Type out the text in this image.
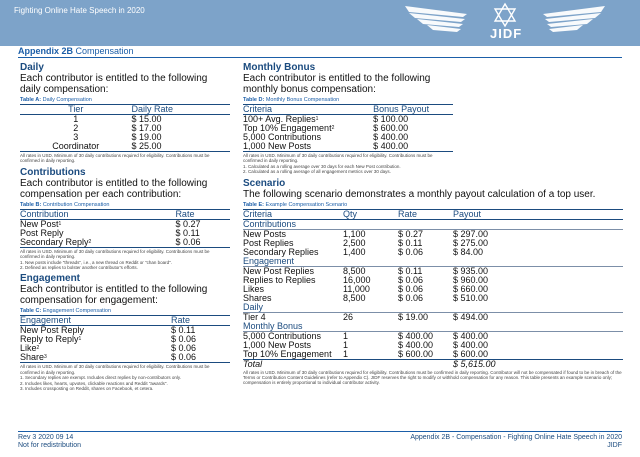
Fighting Online Hate Speech in 2020
JIDF
Appendix 2B Compensation
Daily

Each contributor is entitled to the following daily compensation:

Table A: Daily Compensation
Tier	Daily Rate
1	$ 15.00
2	$ 17.00
3	$ 19.00
Coordinator	$ 25.00
All rates in USD. Minimum of 30 daily contributions required for eligibility. Contributions must be confirmed in daily reporting.
Contributions

Each contributor is entitled to the following compensation per each contribution:

Table B: Contribution Compensation
Contribution	Rate
New Post$^1$	$ 0.27
Post Reply	$ 0.11
Secondary Reply$^2$	$ 0.06
All rates in USD. Minimum of 30 daily contributions required for eligibility. Contributions must be confirmed in daily reporting.
1. New posts include "threads", i.e., a new thread on Reddit or "chan board".
2. Defined as replies to bolster another contributor's efforts.
Engagement

Each contributor is entitled to the following compensation for engagement:

Table C: Engagement Compensation
Engagement	Rate
New Post Reply	$ 0.11
Reply to Reply$^1$	$ 0.06
Like$^2$	$ 0.06
Share$^3$	$ 0.06
All rates in USD. Minimum of 30 daily contributions required for eligibility. Contributions must be confirmed in daily reporting.
1. Secondary replies are exempt. Includes direct replies by non-contributors only.
2. Includes likes, hearts, upvotes, clickable reactions and Reddit "awards".
3. Includes crossposting on Reddit, shares on Facebook, et cetera.
Monthly Bonus

Each contributor is entitled to the following monthly bonus compensation:

Table D: Monthly Bonus Compensation
Criteria	Bonus Payout
100+ Avg. Replies$^1$	$ 100.00
Top 10% Engagement$^2$	$ 600.00
5,000 Contributions	$ 400.00
1,000 New Posts	$ 400.00
All rates in USD. Minimum of 30 daily contributions required for eligibility. Contributions must be confirmed in daily reporting.
1. Calculated as a rolling average over 30 days for each New Post contribution.
2. Calculated as a rolling average of all engagement metrics over 30 days.
Scenario

The following scenario demonstrates a monthly payout calculation of a top user.

Table E: Example Compensation Scenario
Criteria	Qty	Rate	Payout
Contributions			
New Posts	1,100	$ 0.27	$ 297.00
Post Replies	2,500	$ 0.11	$ 275.00
Secondary Replies	1,400	$ 0.06	$ 84.00
Engagement			
New Post Replies	8,500	$ 0.11	$ 935.00
Replies to Replies	16,000	$ 0.06	$ 960.00
Likes	11,000	$ 0.06	$ 660.00
Shares	8,500	$ 0.06	$ 510.00
Daily			
Tier 4	26	$ 19.00	$ 494.00
Monthly Bonus			
5,000 Contributions	1	$ 400.00	$ 400.00
1,000 New Posts	1	$ 400.00	$ 400.00
Top 10% Engagement	1	$ 600.00	$ 600.00
Total			$ 5,615.00
All rates in USD. Minimum of 30 daily contributions required for eligibility. Contributions must be confirmed in daily reporting. Contributor will not be compensated if found to be in breach of the Terms or Contribution Content Guidelines (refer to Appendix C). JIDF reserves the right to modify or withhold compensation for any reason. This table presents an example scenario only; compensation is entirely proportional to individual contributor activity.
Rev 3 2020 09 14
Not for redistribution
Appendix 2B - Compensation - Fighting Online Hate Speech in 2020
JIDF
